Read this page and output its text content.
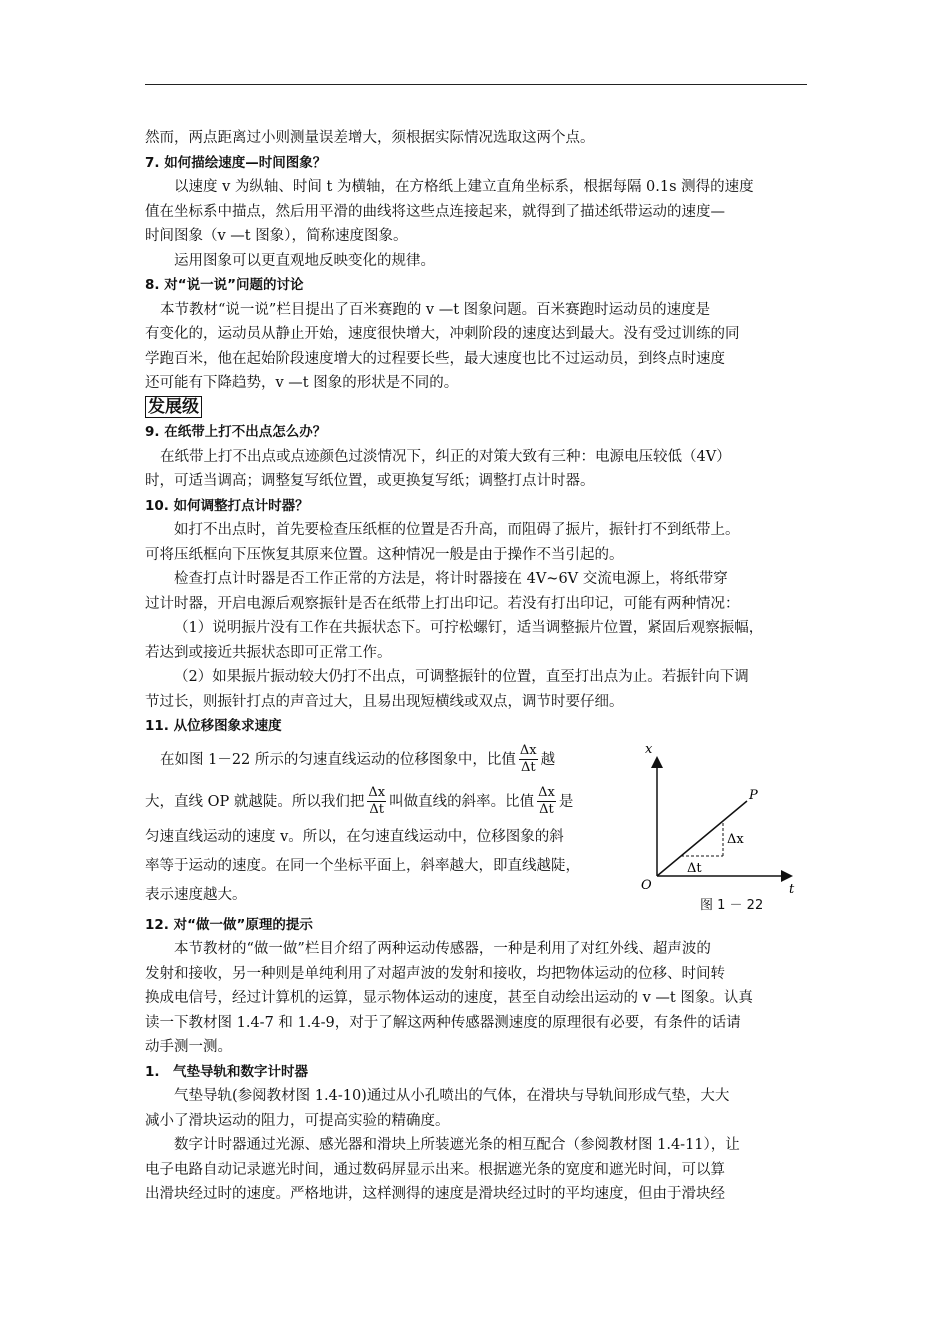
然而，两点距离过小则测量误差增大，须根据实际情况选取这两个点。
7. 如何描绘速度—时间图象？
以速度 v 为纵轴、时间 t 为横轴，在方格纸上建立直角坐标系，根据每隔 0.1s 测得的速度
值在坐标系中描点，然后用平滑的曲线将这些点连接起来，就得到了描述纸带运动的速度—
时间图象（v —t 图象），简称速度图象。
运用图象可以更直观地反映变化的规律。
8. 对“说一说”问题的讨论
本节教材“说一说”栏目提出了百米赛跑的 v —t 图象问题。百米赛跑时运动员的速度是
有变化的，运动员从静止开始，速度很快增大，冲刺阶段的速度达到最大。没有受过训练的同
学跑百米，他在起始阶段速度增大的过程要长些，最大速度也比不过运动员，到终点时速度
还可能有下降趋势，v —t 图象的形状是不同的。
发展级
9. 在纸带上打不出点怎么办？
在纸带上打不出点或点迹颜色过淡情况下，纠正的对策大致有三种：电源电压较低（4V）
时，可适当调高；调整复写纸位置，或更换复写纸；调整打点计时器。
10. 如何调整打点计时器？
如打不出点时，首先要检查压纸框的位置是否升高，而阻碍了振片，振针打不到纸带上。
可将压纸框向下压恢复其原来位置。这种情况一般是由于操作不当引起的。
检查打点计时器是否工作正常的方法是，将计时器接在 4V~6V 交流电源上，将纸带穿
过计时器，开启电源后观察振针是否在纸带上打出印记。若没有打出印记，可能有两种情况：
（1）说明振片没有工作在共振状态下。可拧松螺钉，适当调整振片位置，紧固后观察振幅，
若达到或接近共振状态即可正常工作。
（2）如果振片振动较大仍打不出点，可调整振针的位置，直至打出点为止。若振针向下调
节过长，则振针打点的声音过大，且易出现短横线或双点，调节时要仔细。
11. 从位移图象求速度
在如图 1－22 所示的匀速直线运动的位移图象中，比值 $\frac{\Delta x}{\Delta t}$ 越
大，直线 OP 就越陡。所以我们把 $\frac{\Delta x}{\Delta t}$ 叫做直线的斜率。比值 $\frac{\Delta x}{\Delta t}$ 是
匀速直线运动的速度 v。所以，在匀速直线运动中，位移图象的斜
率等于运动的速度。在同一个坐标平面上，斜率越大，即直线越陡，
表示速度越大。
x
t
O
P
Δx
Δt
图 1 － 22
12. 对“做一做”原理的提示
本节教材的“做一做”栏目介绍了两种运动传感器，一种是利用了对红外线、超声波的
发射和接收，另一种则是单纯利用了对超声波的发射和接收，均把物体运动的位移、时间转
换成电信号，经过计算机的运算，显示物体运动的速度，甚至自动绘出运动的 v —t 图象。认真
读一下教材图 1.4-7 和 1.4-9，对于了解这两种传感器测速度的原理很有必要，有条件的话请
动手测一测。
1.　气垫导轨和数字计时器
气垫导轨(参阅教材图 1.4-10)通过从小孔喷出的气体，在滑块与导轨间形成气垫，大大
减小了滑块运动的阻力，可提高实验的精确度。
数字计时器通过光源、感光器和滑块上所装遮光条的相互配合（参阅教材图 1.4-11），让
电子电路自动记录遮光时间，通过数码屏显示出来。根据遮光条的宽度和遮光时间，可以算
出滑块经过时的速度。严格地讲，这样测得的速度是滑块经过时的平均速度，但由于滑块经
